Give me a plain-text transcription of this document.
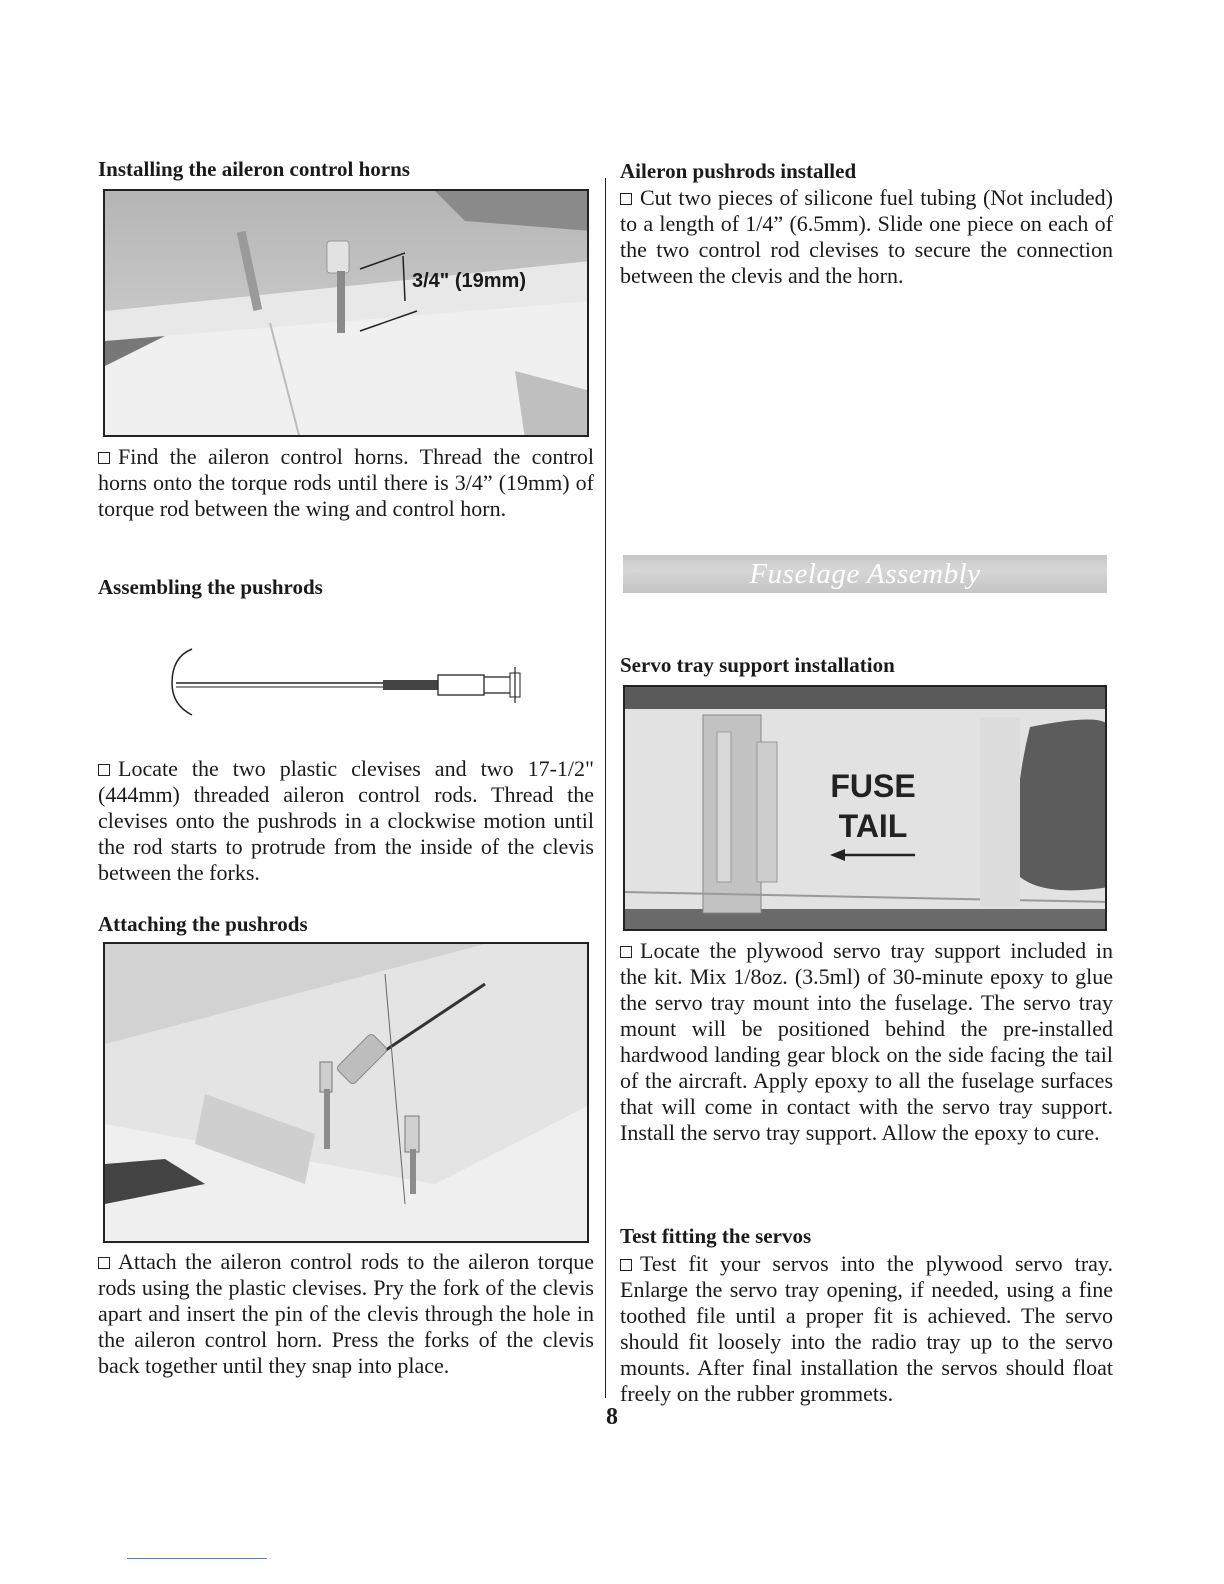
Installing the aileron control horns
3/4" (19mm)

Find the aileron control horns. Thread the control horns onto the torque rods until there is 3/4” (19mm) of torque rod between the wing and control horn.

Assembling the pushrods

Locate the two plastic clevises and two 17-1/2" (444mm) threaded aileron control rods. Thread the clevises onto the pushrods in a clockwise motion until the rod starts to protrude from the inside of the clevis between the forks.

Attaching the pushrods

Attach the aileron control rods to the aileron torque rods using the plastic clevises. Pry the fork of the clevis apart and insert the pin of the clevis through the hole in the aileron control horn. Press the forks of the clevis back together until they snap into place.

Aileron pushrods installed

Cut two pieces of silicone fuel tubing (Not included) to a length of 1/4” (6.5mm). Slide one piece on each of the two control rod clevises to secure the connection between the clevis and the horn.

Fuselage Assembly
Servo tray support installation
FUSE
TAIL

Locate the plywood servo tray support included in the kit. Mix 1/8oz. (3.5ml) of 30-minute epoxy to glue the servo tray mount into the fuselage. The servo tray mount will be positioned behind the pre-installed hardwood landing gear block on the side facing the tail of the aircraft. Apply epoxy to all the fuselage surfaces that will come in contact with the servo tray support. Install the servo tray support. Allow the epoxy to cure.

Test fitting the servos

Test fit your servos into the plywood servo tray. Enlarge the servo tray opening, if needed, using a fine toothed file until a proper fit is achieved. The servo should fit loosely into the radio tray up to the servo mounts. After final installation the servos should float freely on the rubber grommets.

8
